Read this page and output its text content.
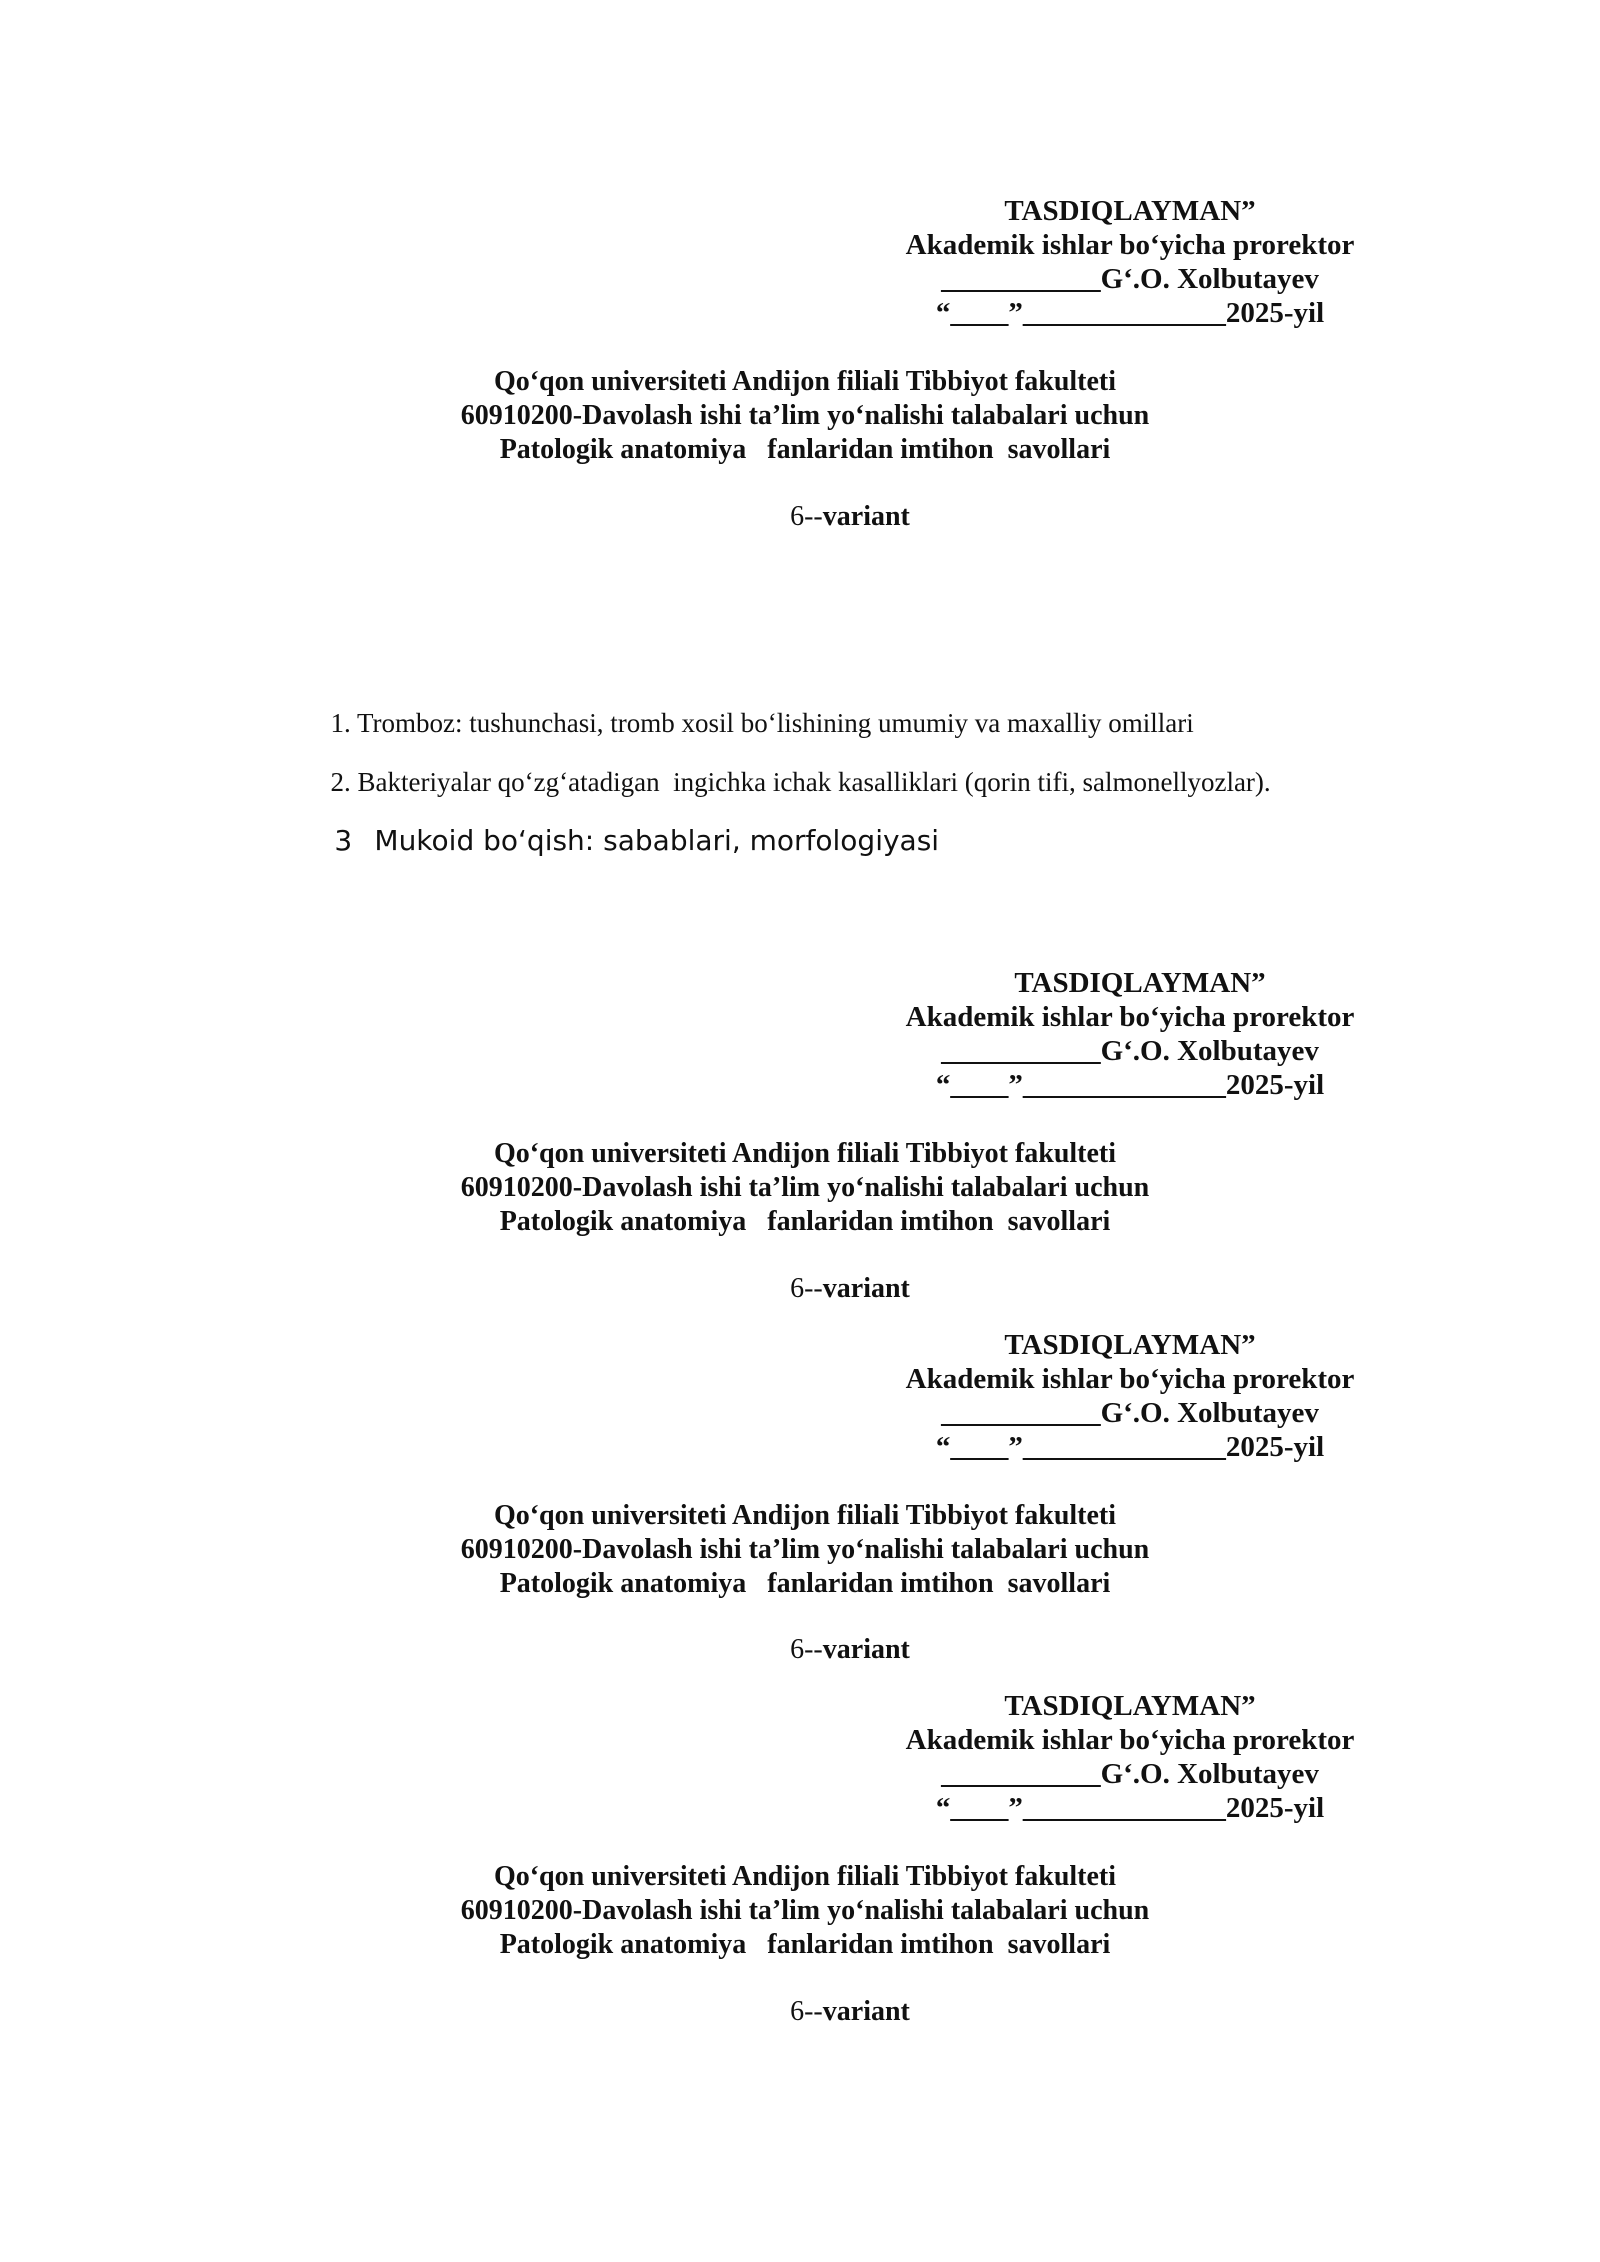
TASDIQLAYMAN”
Akademik ishlar bo‘yicha prorektor
___________G‘.O. Xolbutayev
“____”______________2025-yil
Qo‘qon universiteti Andijon filiali Tibbiyot fakulteti
60910200-Davolash ishi ta’lim yo‘nalishi talabalari uchun
Patologik anatomiya   fanlaridan imtihon  savollari
6--variant

1. Tromboz: tushunchasi, tromb xosil bo‘lishining umumiy va maxalliy omillari

2. Bakteriyalar qo‘zg‘atadigan  ingichka ichak kasalliklari (qorin tifi, salmonellyozlar).

3 Mukoid bo‘qish: sabablari, morfologiyasi

TASDIQLAYMAN”
Akademik ishlar bo‘yicha prorektor
___________G‘.O. Xolbutayev
“____”______________2025-yil
Qo‘qon universiteti Andijon filiali Tibbiyot fakulteti
60910200-Davolash ishi ta’lim yo‘nalishi talabalari uchun
Patologik anatomiya   fanlaridan imtihon  savollari
6--variant
TASDIQLAYMAN”
Akademik ishlar bo‘yicha prorektor
___________G‘.O. Xolbutayev
“____”______________2025-yil
Qo‘qon universiteti Andijon filiali Tibbiyot fakulteti
60910200-Davolash ishi ta’lim yo‘nalishi talabalari uchun
Patologik anatomiya   fanlaridan imtihon  savollari
6--variant
TASDIQLAYMAN”
Akademik ishlar bo‘yicha prorektor
___________G‘.O. Xolbutayev
“____”______________2025-yil
Qo‘qon universiteti Andijon filiali Tibbiyot fakulteti
60910200-Davolash ishi ta’lim yo‘nalishi talabalari uchun
Patologik anatomiya   fanlaridan imtihon  savollari
6--variant
